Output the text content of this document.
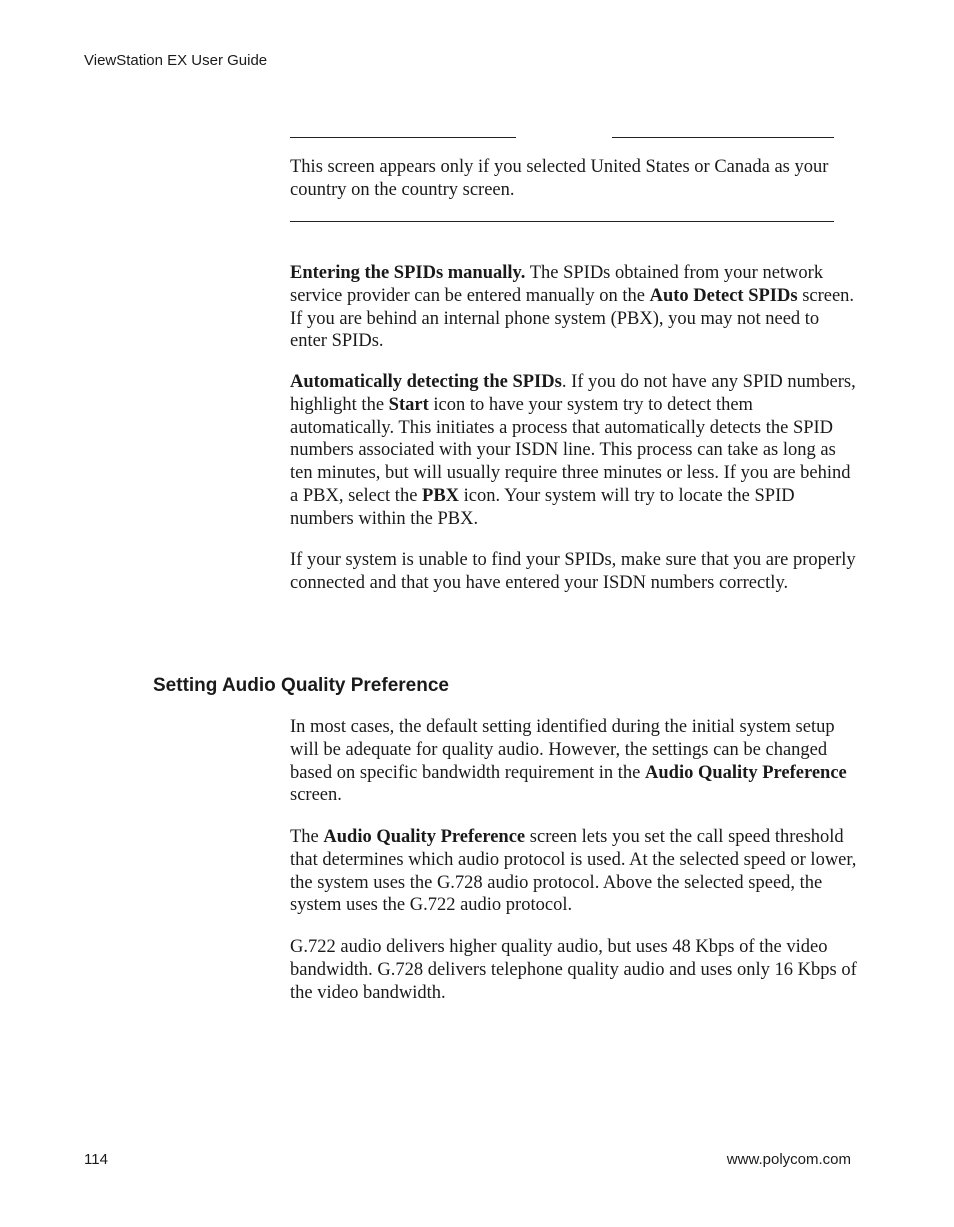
ViewStation EX User Guide
This screen appears only if you selected United States or Canada as your country on the country screen.
Entering the SPIDs manually. The SPIDs obtained from your network service provider can be entered manually on the Auto Detect SPIDs screen. If you are behind an internal phone system (PBX), you may not need to enter SPIDs.
Automatically detecting the SPIDs. If you do not have any SPID numbers, highlight the Start icon to have your system try to detect them automatically. This initiates a process that automatically detects the SPID numbers associated with your ISDN line. This process can take as long as ten minutes, but will usually require three minutes or less. If you are behind a PBX, select the PBX icon. Your system will try to locate the SPID numbers within the PBX.
If your system is unable to find your SPIDs, make sure that you are properly connected and that you have entered your ISDN numbers correctly.
Setting Audio Quality Preference
In most cases, the default setting identified during the initial system setup will be adequate for quality audio. However, the settings can be changed based on specific bandwidth requirement in the Audio Quality Preference screen.
The Audio Quality Preference screen lets you set the call speed threshold that determines which audio protocol is used. At the selected speed or lower, the system uses the G.728 audio protocol. Above the selected speed, the system uses the G.722 audio protocol.
G.722 audio delivers higher quality audio, but uses 48 Kbps of the video bandwidth. G.728 delivers telephone quality audio and uses only 16 Kbps of the video bandwidth.
114	www.polycom.com
